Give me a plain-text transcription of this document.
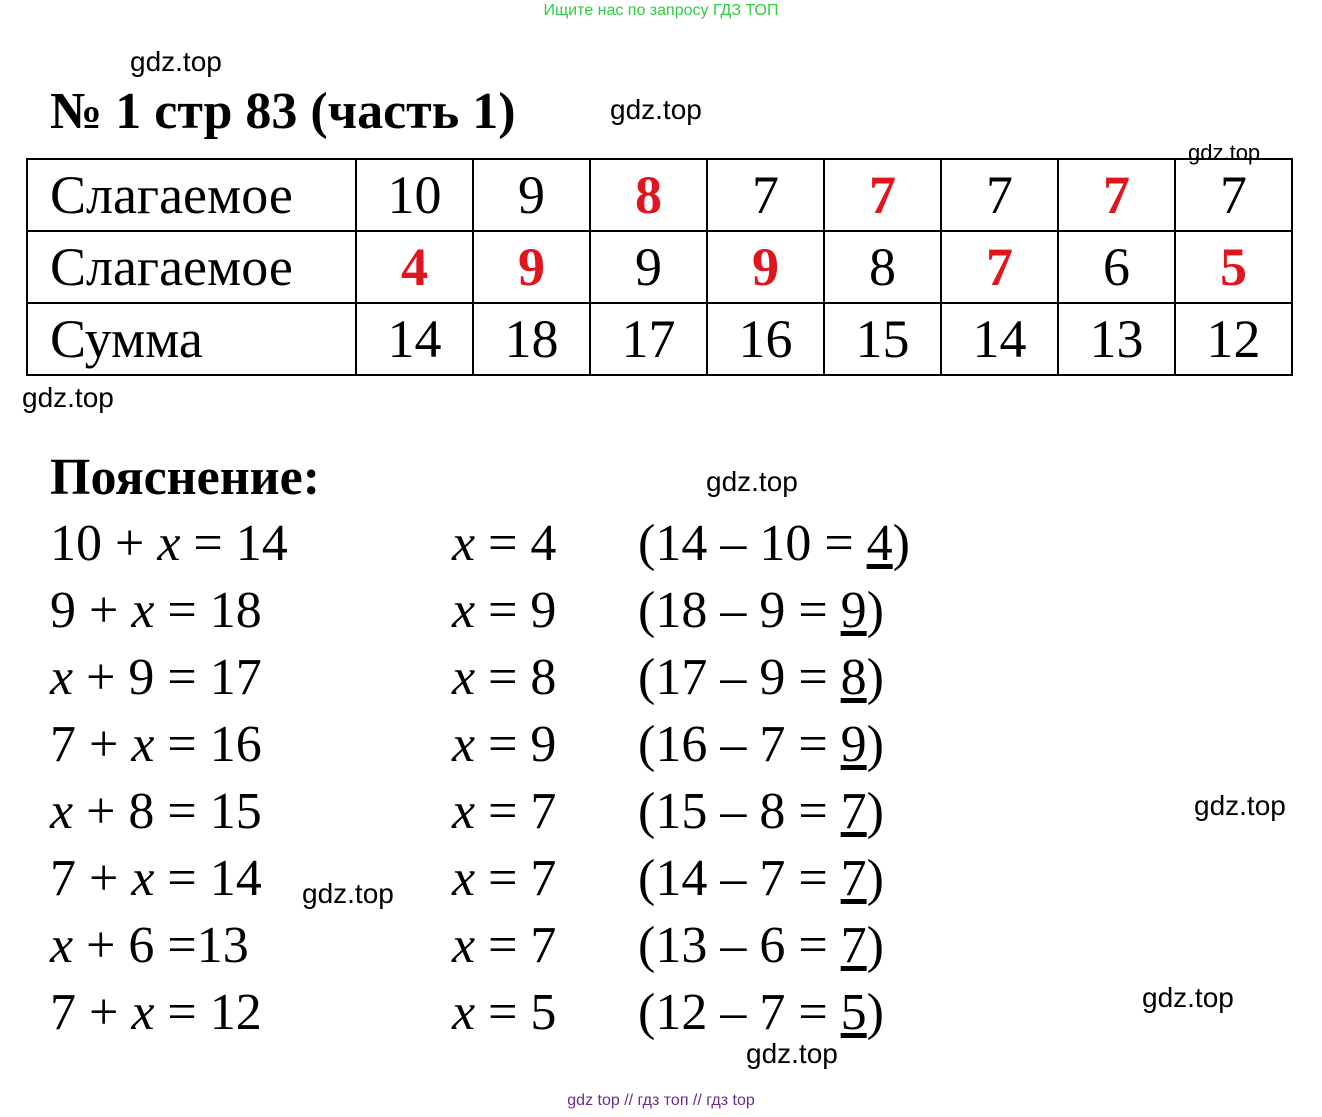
Ищите нас по запросу ГДЗ ТОП
gdz.top
№ 1 стр 83 (часть 1)	gdz.top
gdz.top
Слагаемое	10	9	8	7	7	7	7	7
Слагаемое	4	9	9	9	8	7	6	5
Сумма	14	18	17	16	15	14	13	12
gdz.top
Пояснение:	gdz.top
10 + x = 14	x = 4 (14 – 10 = 4)
9 + x = 18	x = 9 (18 – 9 = 9)
x + 9 = 17	x = 8 (17 – 9 = 8)
7 + x = 16	x = 9 (16 – 7 = 9)
x + 8 = 15	x = 7 (15 – 8 = 7)
7 + x = 14	x = 7 (14 – 7 = 7)
x + 6 =13	x = 7 (13 – 6 = 7)
7 + x = 12	x = 5 (12 – 7 = 5)
gdz.top
gdz.top
gdz.top
gdz.top
gdz top // гдз топ // гдз top
